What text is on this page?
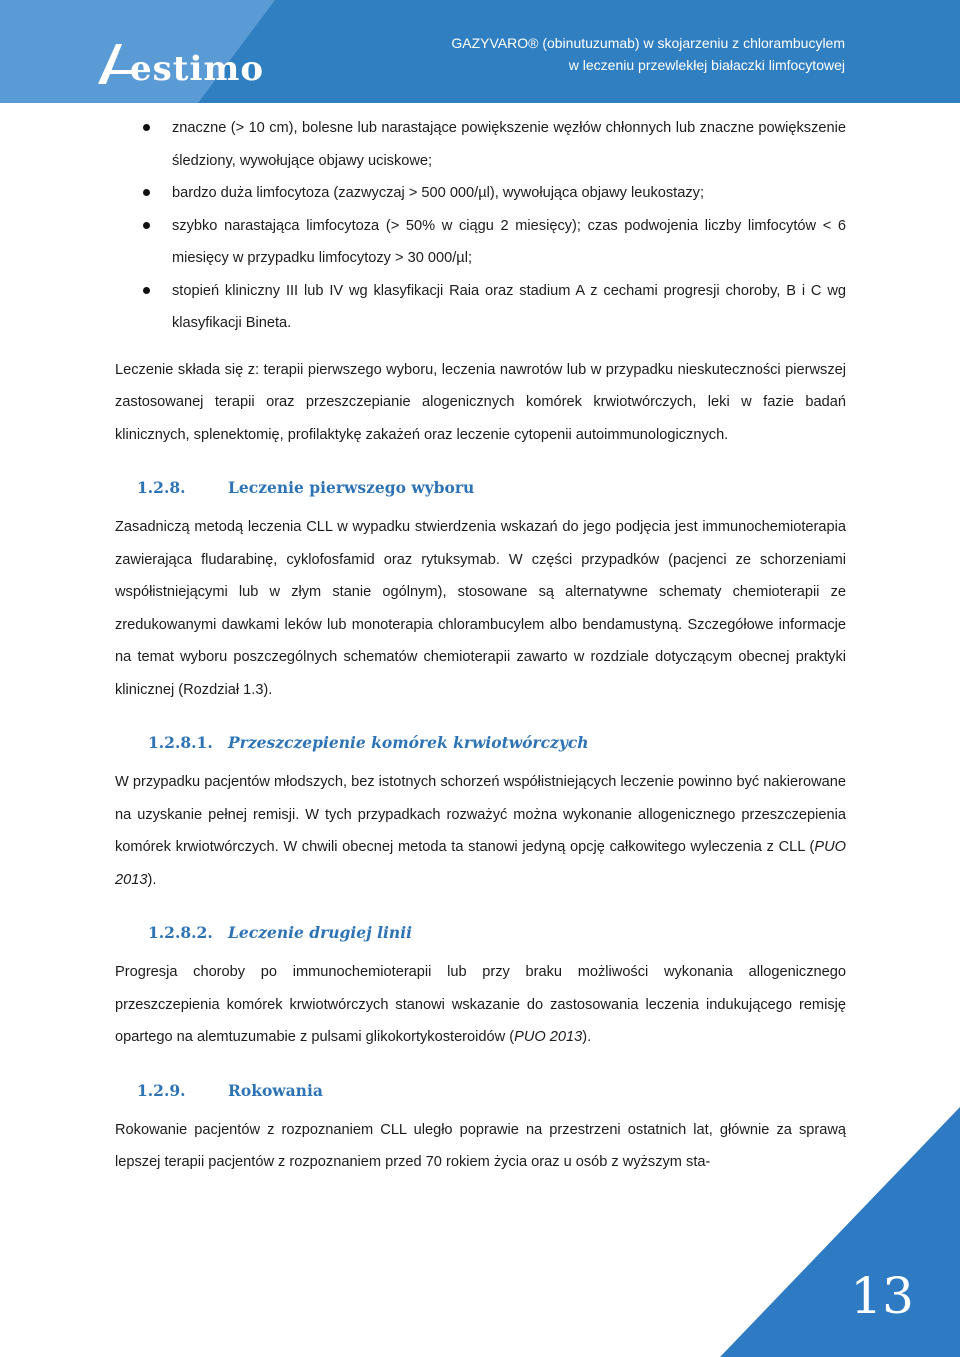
estimo
GAZYVARO® (obinutuzumab) w skojarzeniu z chlorambucylem
w leczeniu przewlekłej białaczki limfocytowej
znaczne (> 10 cm), bolesne lub narastające powiększenie węzłów chłonnych lub znaczne powiększenie śledziony, wywołujące objawy uciskowe;
bardzo duża limfocytoza (zazwyczaj > 500 000/µl), wywołująca objawy leukostazy;
szybko narastająca limfocytoza (> 50% w ciągu 2 miesięcy); czas podwojenia liczby limfocytów < 6 miesięcy w przypadku limfocytozy > 30 000/µl;
stopień kliniczny III lub IV wg klasyfikacji Raia oraz stadium A z cechami progresji choroby, B i C wg klasyfikacji Bineta.

Leczenie składa się z: terapii pierwszego wyboru, leczenia nawrotów lub w przypadku nieskuteczności pierwszej zastosowanej terapii oraz przeszczepianie alogenicznych komórek krwiotwórczych, leki w fazie badań klinicznych, splenektomię, profilaktykę zakażeń oraz leczenie cytopenii autoimmunologicznych.

1.2.8.	Leczenie pierwszego wyboru

Zasadniczą metodą leczenia CLL w wypadku stwierdzenia wskazań do jego podjęcia jest immunochemioterapia zawierająca fludarabinę, cyklofosfamid oraz rytuksymab. W części przypadków (pacjenci ze schorzeniami współistniejącymi lub w złym stanie ogólnym), stosowane są alternatywne schematy chemioterapii ze zredukowanymi dawkami leków lub monoterapia chlorambucylem albo bendamustyną. Szczegółowe informacje na temat wyboru poszczególnych schematów chemioterapii zawarto w rozdziale dotyczącym obecnej praktyki klinicznej (Rozdział 1.3).

1.2.8.1. Przeszczepienie komórek krwiotwórczych

W przypadku pacjentów młodszych, bez istotnych schorzeń współistniejących leczenie powinno być nakierowane na uzyskanie pełnej remisji. W tych przypadkach rozważyć można wykonanie allogenicznego przeszczepienia komórek krwiotwórczych. W chwili obecnej metoda ta stanowi jedyną opcję całkowitego wyleczenia z CLL (PUO 2013).

1.2.8.2. Leczenie drugiej linii

Progresja choroby po immunochemioterapii lub przy braku możliwości wykonania allogenicznego przeszczepienia komórek krwiotwórczych stanowi wskazanie do zastosowania leczenia indukującego remisję opartego na alemtuzumabie z pulsami glikokortykosteroidów (PUO 2013).

1.2.9.	Rokowania

Rokowanie pacjentów z rozpoznaniem CLL uległo poprawie na przestrzeni ostatnich lat, głównie za sprawą lepszej terapii pacjentów z rozpoznaniem przed 70 rokiem życia oraz u osób z wyższym sta-

13
